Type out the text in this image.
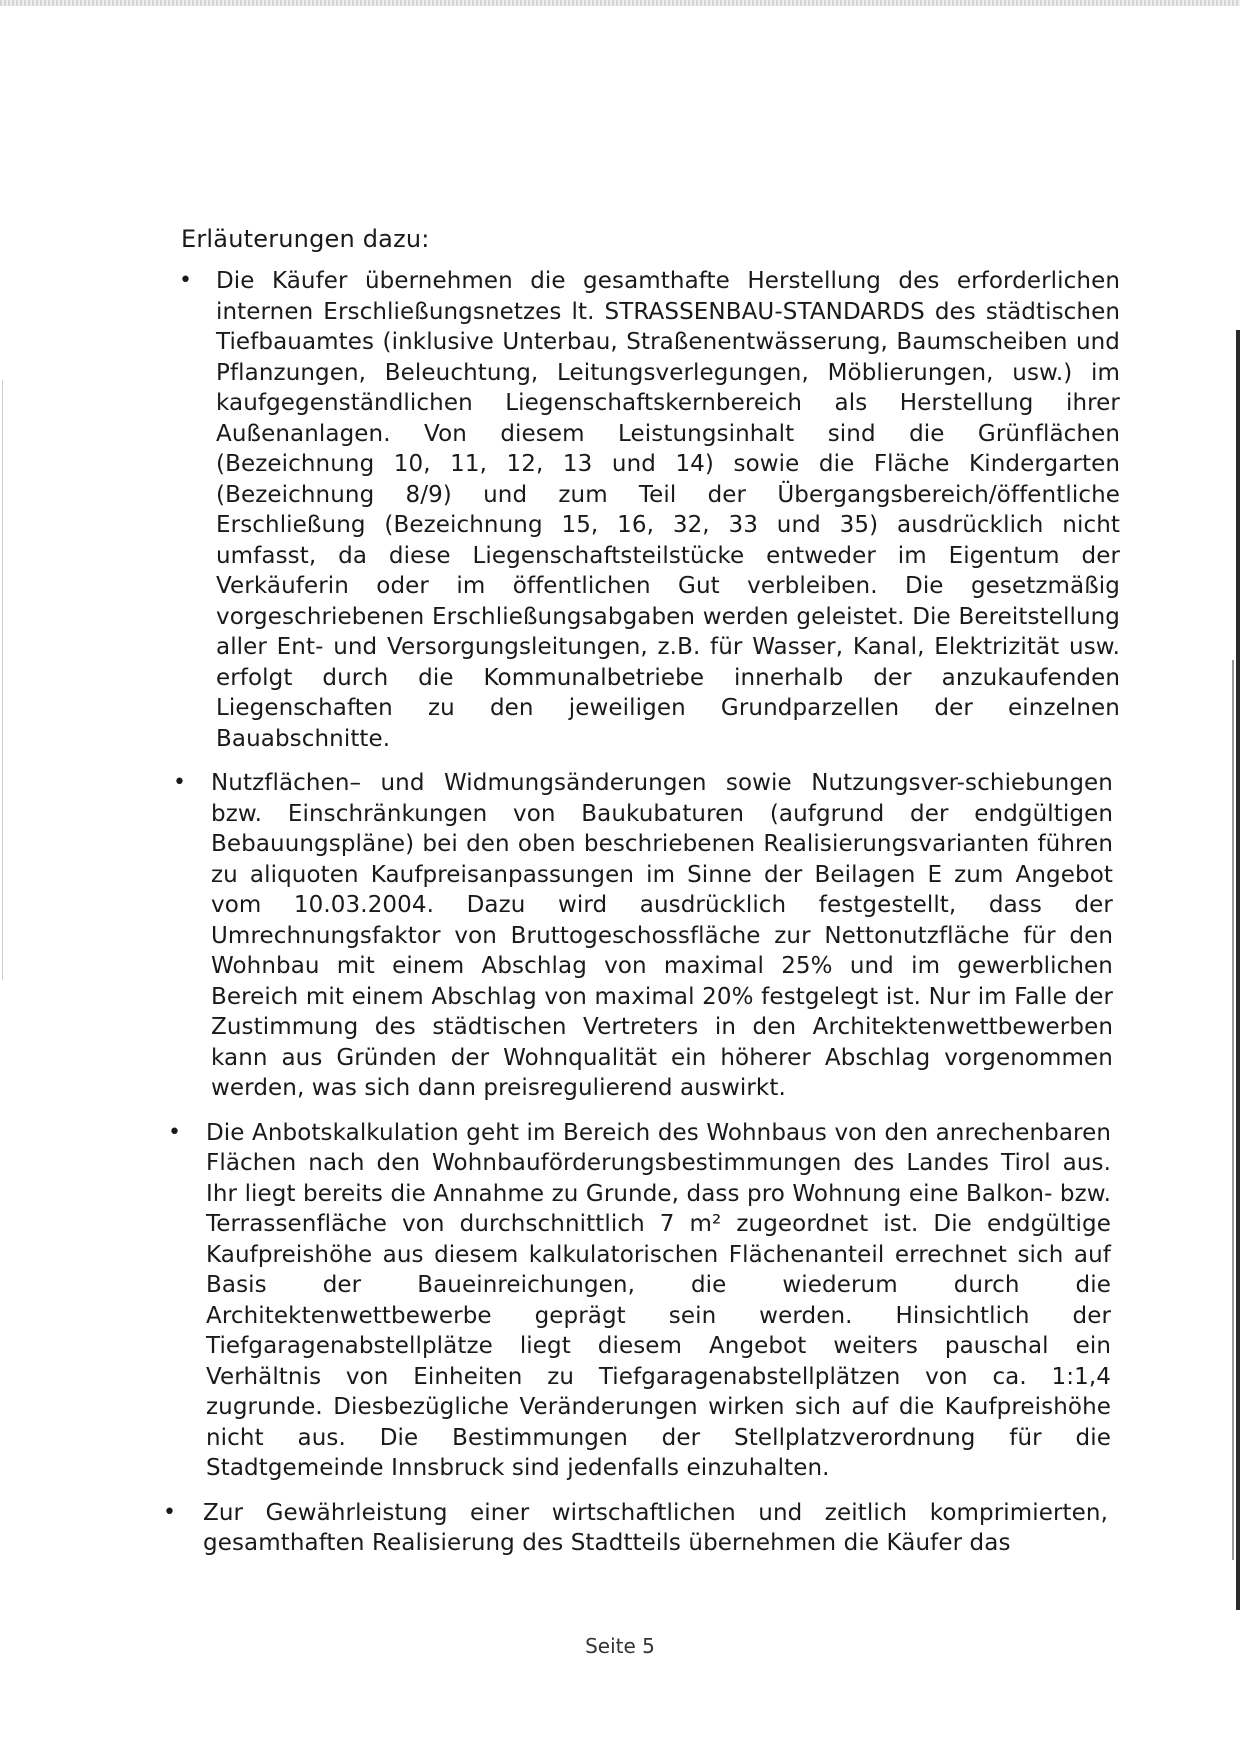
Erläuterungen dazu:
• Die Käufer übernehmen die gesamthafte Herstellung des erforderlichen internen Erschließungsnetzes lt. STRASSENBAU-STANDARDS des städtischen Tiefbauamtes (inklusive Unterbau, Straßenentwässerung, Baumscheiben und Pflanzungen, Beleuchtung, Leitungsverlegungen, Möblierungen, usw.) im kaufgegenständlichen Liegenschaftskernbereich als Herstellung ihrer Außenanlagen. Von diesem Leistungsinhalt sind die Grünflächen (Bezeichnung 10, 11, 12, 13 und 14) sowie die Fläche Kindergarten (Bezeichnung 8/9) und zum Teil der Übergangsbereich/öffentliche Erschließung (Bezeichnung 15, 16, 32, 33 und 35) ausdrücklich nicht umfasst, da diese Liegenschaftsteilstücke entweder im Eigentum der Verkäuferin oder im öffentlichen Gut verbleiben. Die gesetzmäßig vorgeschriebenen Erschließungsabgaben werden geleistet. Die Bereitstellung aller Ent- und Versorgungsleitungen, z.B. für Wasser, Kanal, Elektrizität usw. erfolgt durch die Kommunalbetriebe innerhalb der anzukaufenden Liegenschaften zu den jeweiligen Grundparzellen der einzelnen Bauabschnitte.

• Nutzflächen– und Widmungsänderungen sowie Nutzungsver-schiebungen bzw. Einschränkungen von Baukubaturen (aufgrund der endgültigen Bebauungspläne) bei den oben beschriebenen Realisierungsvarianten führen zu aliquoten Kaufpreisanpassungen im Sinne der Beilagen E zum Angebot vom 10.03.2004. Dazu wird ausdrücklich festgestellt, dass der Umrechnungsfaktor von Bruttogeschossfläche zur Nettonutzfläche für den Wohnbau mit einem Abschlag von maximal 25% und im gewerblichen Bereich mit einem Abschlag von maximal 20% festgelegt ist. Nur im Falle der Zustimmung des städtischen Vertreters in den Architektenwettbewerben kann aus Gründen der Wohnqualität ein höherer Abschlag vorgenommen werden, was sich dann preisregulierend auswirkt.

• Die Anbotskalkulation geht im Bereich des Wohnbaus von den anrechenbaren Flächen nach den Wohnbauförderungsbestimmungen des Landes Tirol aus. Ihr liegt bereits die Annahme zu Grunde, dass pro Wohnung eine Balkon- bzw. Terrassenfläche von durchschnittlich 7 m² zugeordnet ist. Die endgültige Kaufpreishöhe aus diesem kalkulatorischen Flächenanteil errechnet sich auf Basis der Baueinreichungen, die wiederum durch die Architektenwettbewerbe geprägt sein werden. Hinsichtlich der Tiefgaragenabstellplätze liegt diesem Angebot weiters pauschal ein Verhältnis von Einheiten zu Tiefgaragenabstellplätzen von ca. 1:1,4 zugrunde. Diesbezügliche Veränderungen wirken sich auf die Kaufpreishöhe nicht aus. Die Bestimmungen der Stellplatzverordnung für die Stadtgemeinde Innsbruck sind jedenfalls einzuhalten.

• Zur Gewährleistung einer wirtschaftlichen und zeitlich komprimierten, gesamthaften Realisierung des Stadtteils übernehmen die Käufer das

Seite 5
